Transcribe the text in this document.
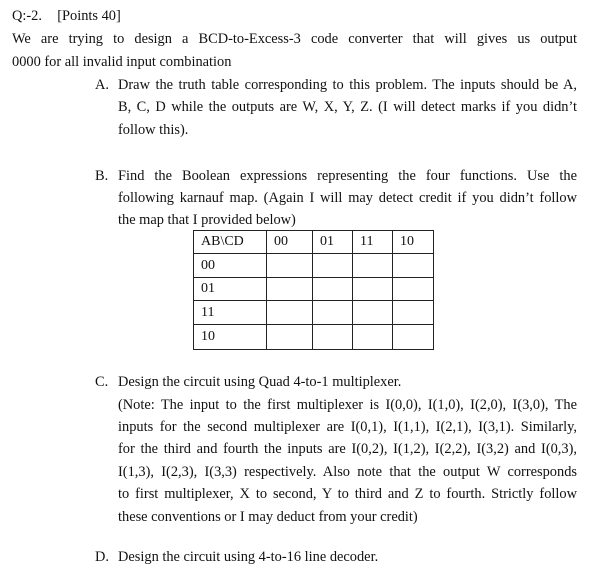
Q:-2. [Points 40]
We are trying to design a BCD-to-Excess-3 code converter that will gives us output
0000 for all invalid input combination
A. Draw the truth table corresponding to this problem. The inputs should be A,
B, C, D while the outputs are W, X, Y, Z. (I will detect marks if you didn’t
follow this).
B. Find the Boolean expressions representing the four functions. Use the
following karnauf map. (Again I will may detect credit if you didn’t follow
the map that I provided below)
AB\CD	00	01	11	10
00				
01				
11				
10				
C. Design the circuit using Quad 4-to-1 multiplexer.
(Note: The input to the first multiplexer is I(0,0), I(1,0), I(2,0), I(3,0), The
inputs for the second multiplexer are I(0,1), I(1,1), I(2,1), I(3,1). Similarly,
for the third and fourth the inputs are I(0,2), I(1,2), I(2,2), I(3,2) and I(0,3),
I(1,3), I(2,3), I(3,3) respectively. Also note that the output W corresponds
to first multiplexer, X to second, Y to third and Z to fourth. Strictly follow
these conventions or I may deduct from your credit)
D. Design the circuit using 4-to-16 line decoder.
